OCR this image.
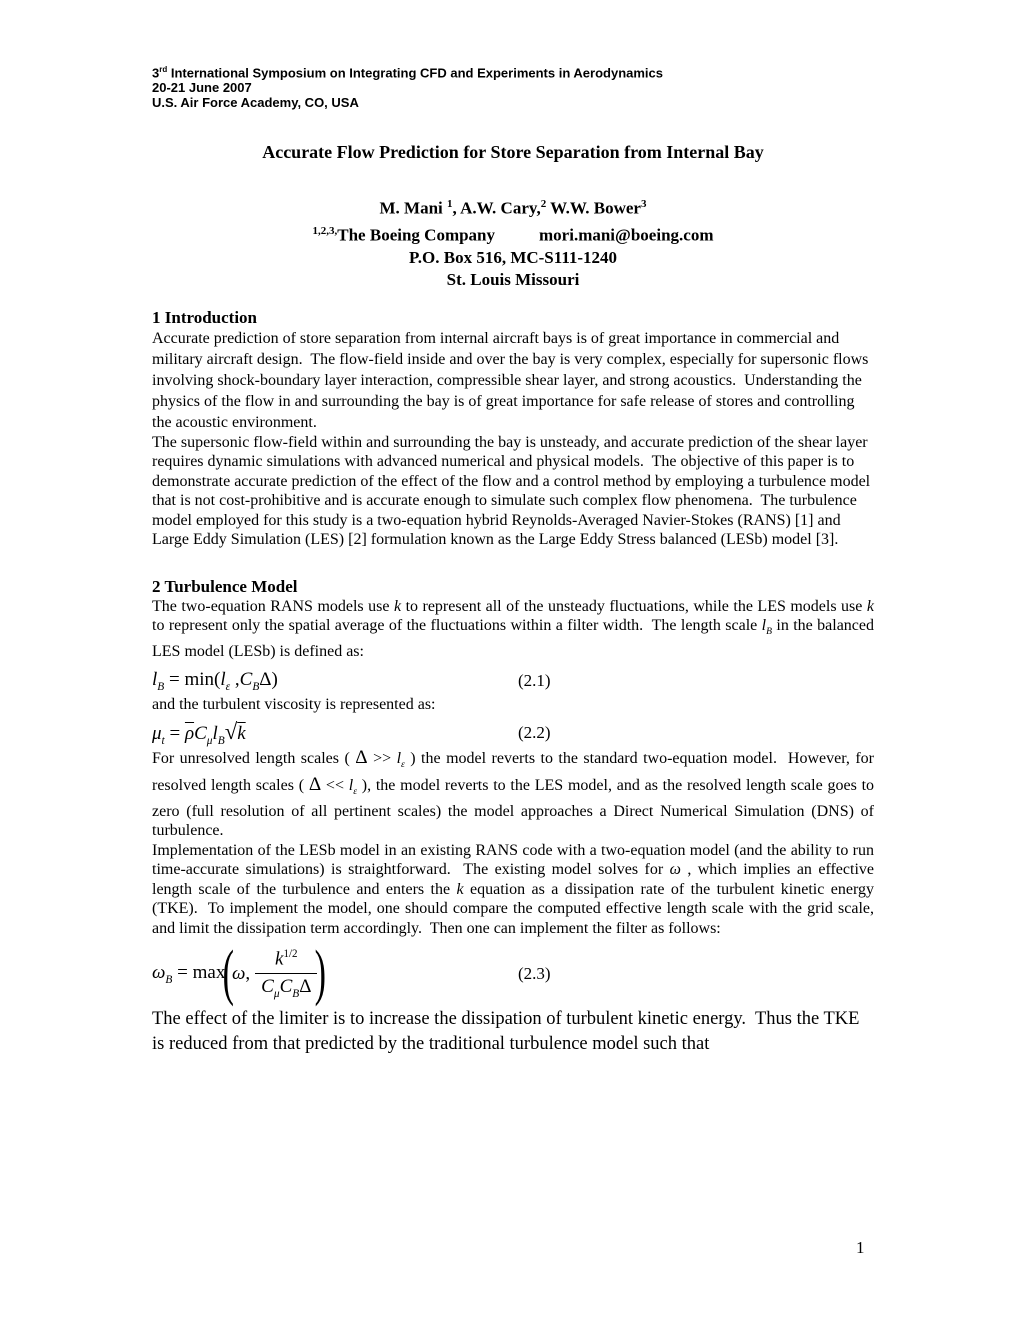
3rd International Symposium on Integrating CFD and Experiments in Aerodynamics
20-21 June 2007
U.S. Air Force Academy, CO, USA
Accurate Flow Prediction for Store Separation from Internal Bay
M. Mani $^1$, A.W. Cary,$^2$ W.W. Bower$^3$
$^{1,2,3,}$The Boeing Company	mori.mani@boeing.com
P.O. Box 516, MC-S111-1240
St. Louis Missouri
1 Introduction

Accurate prediction of store separation from internal aircraft bays is of great importance in commercial and military aircraft design.  The flow-field inside and over the bay is very complex, especially for supersonic flows involving shock-boundary layer interaction, compressible shear layer, and strong acoustics.  Understanding the physics of the flow in and surrounding the bay is of great importance for safe release of stores and controlling the acoustic environment.

The supersonic flow-field within and surrounding the bay is unsteady, and accurate prediction of the shear layer requires dynamic simulations with advanced numerical and physical models.  The objective of this paper is to demonstrate accurate prediction of the effect of the flow and a control method by employing a turbulence model that is not cost-prohibitive and is accurate enough to simulate such complex flow phenomena.  The turbulence model employed for this study is a two-equation hybrid Reynolds-Averaged Navier-Stokes (RANS) [1] and Large Eddy Simulation (LES) [2] formulation known as the Large Eddy Stress balanced (LESb) model [3].

2 Turbulence Model

The two-equation RANS models use k to represent all of the unsteady fluctuations, while the LES models use k to represent only the spatial average of the fluctuations within a filter width.  The length scale $l_B$ in the balanced LES model (LESb) is defined as:

$l_B = \min(l_\varepsilon$ $,C_B\Delta$)	(2.1)

and the turbulent viscosity is represented as:

$\mu_t = \overline{\rho}C_\mu l_B√k$	(2.2)

For unresolved length scales ( $\Delta >> l_\varepsilon$ ) the model reverts to the standard two-equation model.  However, for resolved length scales ( $\Delta << l_\varepsilon$ ), the model reverts to the LES model, and as the resolved length scale goes to zero (full resolution of all pertinent scales) the model approaches a Direct Numerical Simulation (DNS) of turbulence.

Implementation of the LESb model in an existing RANS code with a two-equation model (and the ability to run time-accurate simulations) is straightforward.  The existing model solves for ω , which implies an effective length scale of the turbulence and enters the k equation as a dissipation rate of the turbulent kinetic energy (TKE).  To implement the model, one should compare the computed effective length scale with the grid scale, and limit the dissipation term accordingly.  Then one can implement the filter as follows:

$\omega_B = \max$
(
ω, $\frac{k^{1/2}}{C_\mu C_B\Delta}$
)	(2.3)

The effect of the limiter is to increase the dissipation of turbulent kinetic energy.  Thus the TKE is reduced from that predicted by the traditional turbulence model such that

1
